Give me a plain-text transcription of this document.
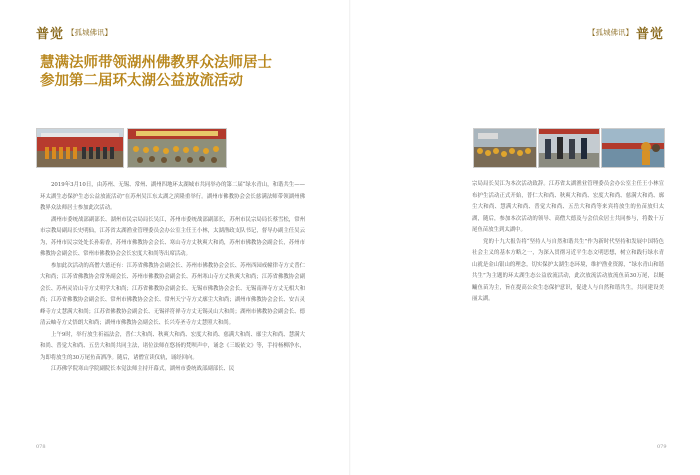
普觉 【孤城佛讯】
慧满法师带领湖州佛教界众法师居士
参加第二届环太湖公益放流活动

2019年3月10日，由苏州、无锡、常州、湖州四地环太湖城市共同举办的第二届“绿水青山，和谐共生——环太湖生态保护生态公益放流活动”在苏州吴江东太湖之滨隆重举行。湖州市佛教协会会长慈满法师带领湖州佛教界众法师居士参加此次活动。

湖州市委统战部副部长、湖州市民宗局局长吴江，苏州市委统战部副部长，苏州市民宗局局长蔡雪松，常州市宗教局副局长史明仙，江苏省太湖渔业管理委员会办公室主任王小林，太湖渔政支队书记，督导办副主任吴云为，苏州市民宗处处长孙菊香，苏州市佛教协会会长、寒山寺方丈秋爽大和尚，苏州市佛教协会副会长，苏州市佛教协会副会长、常州市佛教协会会长宏度大和尚等出席活动。

参加此次活动的高僧大德还有：江苏省佛教协会副会长、苏州市佛教协会会长、苏州西园戒幢律寺方丈普仁大和尚；江苏省佛教协会常务副会长、苏州市佛教协会副会长、苏州寒山寺方丈秋爽大和尚；江苏省佛教协会副会长、苏州灵岩山寺方丈明学大和尚；江苏省佛教协会副会长、无锡市佛教协会会长、无锡南禅寺方丈无相大和尚；江苏省佛教协会副会长、常州市佛教协会会长、常州天宁寺方丈廓尘大和尚；湖州市佛教协会会长、安吉灵峰寺方丈慧满大和尚；江苏省佛教协会副会长、无锡祥符禅寺方丈无锡灵山大和尚；湖州市佛教协会副会长、德清云岫寺方丈悟朗大和尚；湖州市佛教协会副会长、长兴寿圣寺方丈慧照大和尚。

上午9时，举行放生祈福法会，普仁大和尚、秋爽大和尚、宏度大和尚、慈满大和尚、廓尘大和尚、慧满大和尚、普觉大和尚、五岳大和尚共同主法，诸位法师在悠扬的梵呗声中，诵念《三皈依文》等，手持杨柳净水，为即将放生的30万尾鱼苗洒净。随后，诸僧宣读仪轨，诵经回向。

江苏佛学院寒山学院副院长本觉法师主持开幕式，湖州市委统战部副部长、民

078
【孤城佛讯】 普觉

宗局局长吴江为本次活动致辞。江苏省太湖渔业管理委员会办公室主任王小林宣布护生活动正式开始，普仁大和尚、秋爽大和尚、宏度大和尚、慈满大和尚、廓尘大和尚、慧满大和尚、普觉大和尚、五岳大和尚等来宾将放生的鱼苗放归太湖，随后，参加本次活动的领导、高僧大德及与会信众居士共同参与，将数十万尾鱼苗放生到太湖中。

党的十九大报告将“坚持人与自然和谐共生”作为新时代坚持和发展中国特色社会主义的基本方略之一，为深入贯彻习近平生态文明思想，树立和践行绿水青山就是金山银山的理念，切实保护太湖生态环境，维护渔业资源，“绿水青山和谐共生”为主题的环太湖生态公益放流活动，此次放流活动放流鱼苗30万尾，以鲢鳙鱼苗为主，旨在提高公众生态保护意识，促进人与自然和谐共生，共同建设美丽太湖。

079
